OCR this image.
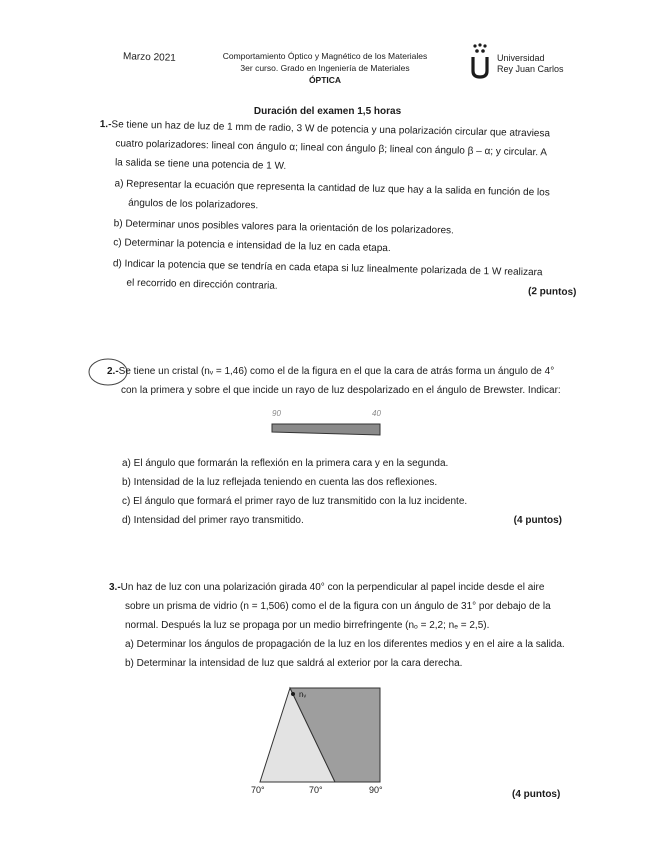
Marzo 2021	Comportamiento Óptico y Magnético de los Materiales
3er curso. Grado en Ingeniería de Materiales
ÓPTICA
Universidad
Rey Juan Carlos
Duración del examen 1,5 horas
1.-Se tiene un haz de luz de 1 mm de radio, 3 W de potencia y una polarización circular que atraviesa
cuatro polarizadores: lineal con ángulo α; lineal con ángulo β; lineal con ángulo β – α; y circular. A
la salida se tiene una potencia de 1 W.
a) Representar la ecuación que representa la cantidad de luz que hay a la salida en función de los
ángulos de los polarizadores.
b) Determinar unos posibles valores para la orientación de los polarizadores.
c) Determinar la potencia e intensidad de la luz en cada etapa.
d) Indicar la potencia que se tendría en cada etapa si luz linealmente polarizada de 1 W realizara
el recorrido en dirección contraria.
(2 puntos)
2.-Se tiene un cristal (nᵥ = 1,46) como el de la figura en el que la cara de atrás forma un ángulo de 4°
con la primera y sobre el que incide un rayo de luz despolarizado en el ángulo de Brewster. Indicar:
90	40
a) El ángulo que formarán la reflexión en la primera cara y en la segunda.
b) Intensidad de la luz reflejada teniendo en cuenta las dos reflexiones.
c) El ángulo que formará el primer rayo de luz transmitido con la luz incidente.
d) Intensidad del primer rayo transmitido.	(4 puntos)
3.-Un haz de luz con una polarización girada 40° con la perpendicular al papel incide desde el aire
sobre un prisma de vidrio (n = 1,506) como el de la figura con un ángulo de 31° por debajo de la
normal. Después la luz se propaga por un medio birrefringente (nₒ = 2,2; nₑ = 2,5).
a) Determinar los ángulos de propagación de la luz en los diferentes medios y en el aire a la salida.
b) Determinar la intensidad de luz que saldrá al exterior por la cara derecha.
nᵥ
70°	70°	90°	(4 puntos)
